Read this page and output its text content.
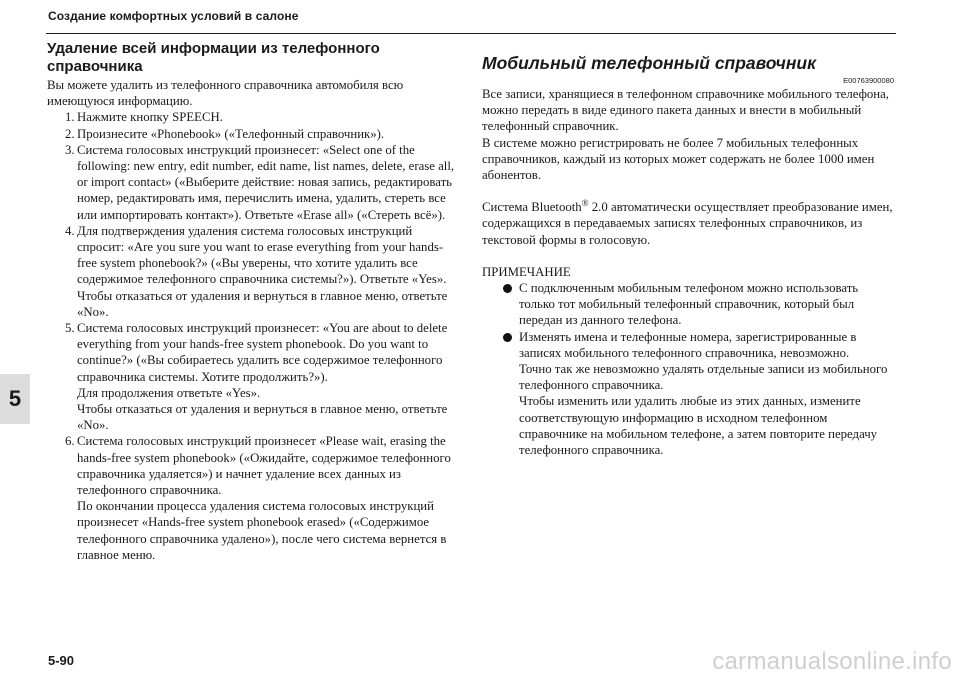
Создание комфортных условий в салоне
5
Удаление всей информации из телефонного справочника

Вы можете удалить из телефонного справочника автомобиля всю имеющуюся информацию.

1. Нажмите кнопку SPEECH.

2. Произнесите «Phonebook» («Телефонный справочник»).

3. Система голосовых инструкций произнесет: «Select one of the following: new entry, edit number, edit name, list names, delete, erase all, or import contact» («Выберите действие: новая запись, редактировать номер, редактировать имя, перечислить имена, удалить, стереть все или импортировать контакт»). Ответьте «Erase all» («Стереть всё»).

4. Для подтверждения удаления система голосовых инструкций спросит: «Are you sure you want to erase everything from your hands-free system phonebook?» («Вы уверены, что хотите удалить все содержимое телефонного справочника системы?»). Ответьте «Yes».

Чтобы отказаться от удаления и вернуться в главное меню, ответьте «No».

5. Система голосовых инструкций произнесет: «You are about to delete everything from your hands-free system phonebook. Do you want to continue?» («Вы собираетесь удалить все содержимое телефонного справочника системы. Хотите продолжить?»).

Для продолжения ответьте «Yes».

Чтобы отказаться от удаления и вернуться в главное меню, ответьте «No».

6. Система голосовых инструкций произнесет «Please wait, erasing the hands-free system phonebook» («Ожидайте, содержимое телефонного справочника удаляется») и начнет удаление всех данных из телефонного справочника.

По окончании процесса удаления система голосовых инструкций произнесет «Hands-free system phonebook erased» («Содержимое телефонного справочника удалено»), после чего система вернется в главное меню.

Мобильный телефонный справочник
E00763900080

Все записи, хранящиеся в телефонном справочнике мобильного телефона, можно передать в виде единого пакета данных и внести в мобильный телефонный справочник.

В системе можно регистрировать не более 7 мобильных телефонных справочников, каждый из которых может содержать не более 1000 имен абонентов.

Система Bluetooth® 2.0 автоматически осуществляет преобразование имен, содержащихся в передаваемых записях телефонных справочников, из текстовой формы в голосовую.

ПРИМЕЧАНИЕ

С подключенным мобильным телефоном можно использовать только тот мобильный телефонный справочник, который был передан из данного телефона.

Изменять имена и телефонные номера, зарегистрированные в записях мобильного телефонного справочника, невозможно.

Точно так же невозможно удалять отдельные записи из мобильного телефонного справочника.

Чтобы изменить или удалить любые из этих данных, измените соответствующую информацию в исходном телефонном справочнике на мобильном телефоне, а затем повторите передачу телефонного справочника.

5-90	carmanualsonline.info
